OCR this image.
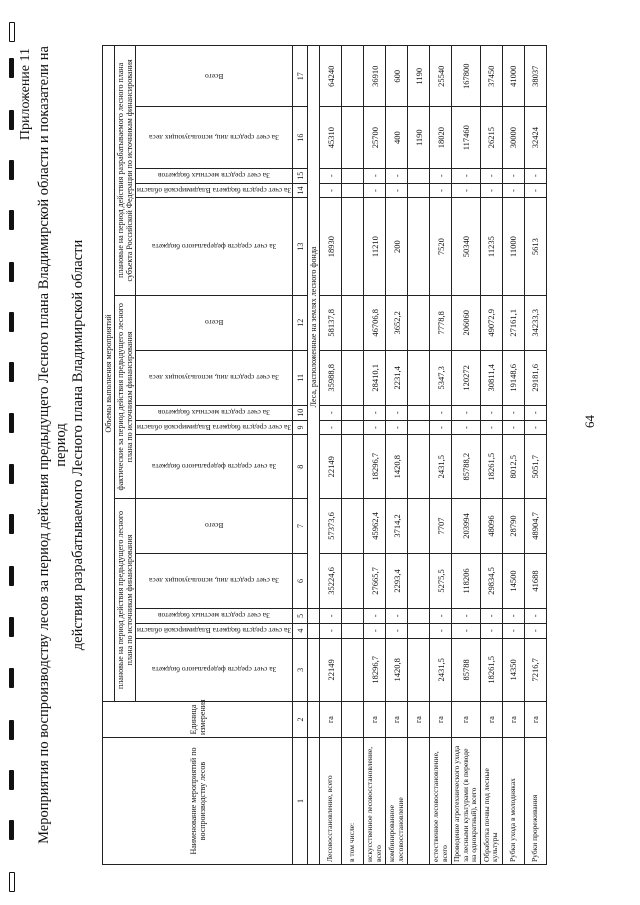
64
Приложение 11 Мероприятия по воспроизводству лесов за период действия предыдущего Лесного плана Владимирской области и показатели на период действия разрабатываемого Лесного плана Владимирской области
Наименование мероприятий по воспроизводству лесов	Единица измерения	Объемы выполнения мероприятий														
		плановые на период действия предыдущего лесного плана по источникам финансирования					фактические за период действия предыдущего лесного плана по источникам финансирования					плановые на период действия разрабатываемого лесного плана субъекта Российской Федерации по источникам финансирования				

		За счет средств федерального бюджета	За счет средств бюджета Владимирской области	За счет средств местных бюджетов	За счет средств лиц, использующих леса	Всего	За счет средств федерального бюджета	За счет средств бюджета Владимирской области	За счет средств местных бюджетов	За счет средств лиц, использующих леса	Всего	За счет средств федерального бюджета	За счет средств бюджета Владимирской области	За счет средств местных бюджетов	За счет средств лиц, использующих леса	Всего

1	2	3	4	5	6	7	8	9	10	11	12	13	14	15	16	17
					Леса, расположенные на землях лесного фонда											
Лесовосстановление, всего	га	22149	-	-	35224,6	57373,6	22149	-	-	35988,8	58137,8	18930	-	-	45310	64240
в том числе:																
искусственное лесовосстановление, всего	га	18296,7	-	-	27665,7	45962,4	18296,7	-	-	28410,1	46706,8	11210	-	-	25700	36910
комбинированное лесовосстановление	га	1420,8	-	-	2293,4	3714,2	1420,8	-	-	2231,4	3652,2	200	-	-	400	600
	га														1190	1190
естественное лесовосстановление, всего	га	2431,5	-	-	5275,5	7707	2431,5	-	-	5347,3	7778,8	7520	-	-	18020	25540
Проведение агротехнического ухода за лесными культурами (в переводе на однократный), всего	га	85788	-	-	118206	203994	85788,2	-	-	120272	206060	50340	-	-	117460	167800
Обработка почвы под лесные культуры	га	18261,5	-	-	29834,5	48096	18261,5	-	-	30811,4	49072,9	11235	-	-	26215	37450
Рубки ухода в молодняках	га	14350	-	-	14500	28790	8012,5	-	-	19148,6	27161,1	11000	-	-	30000	41000
Рубки прореживания	га	7216,7	-	-	41688	48904,7	5051,7	-	-	29181,6	34233,3	5613	-	-	32424	38037
